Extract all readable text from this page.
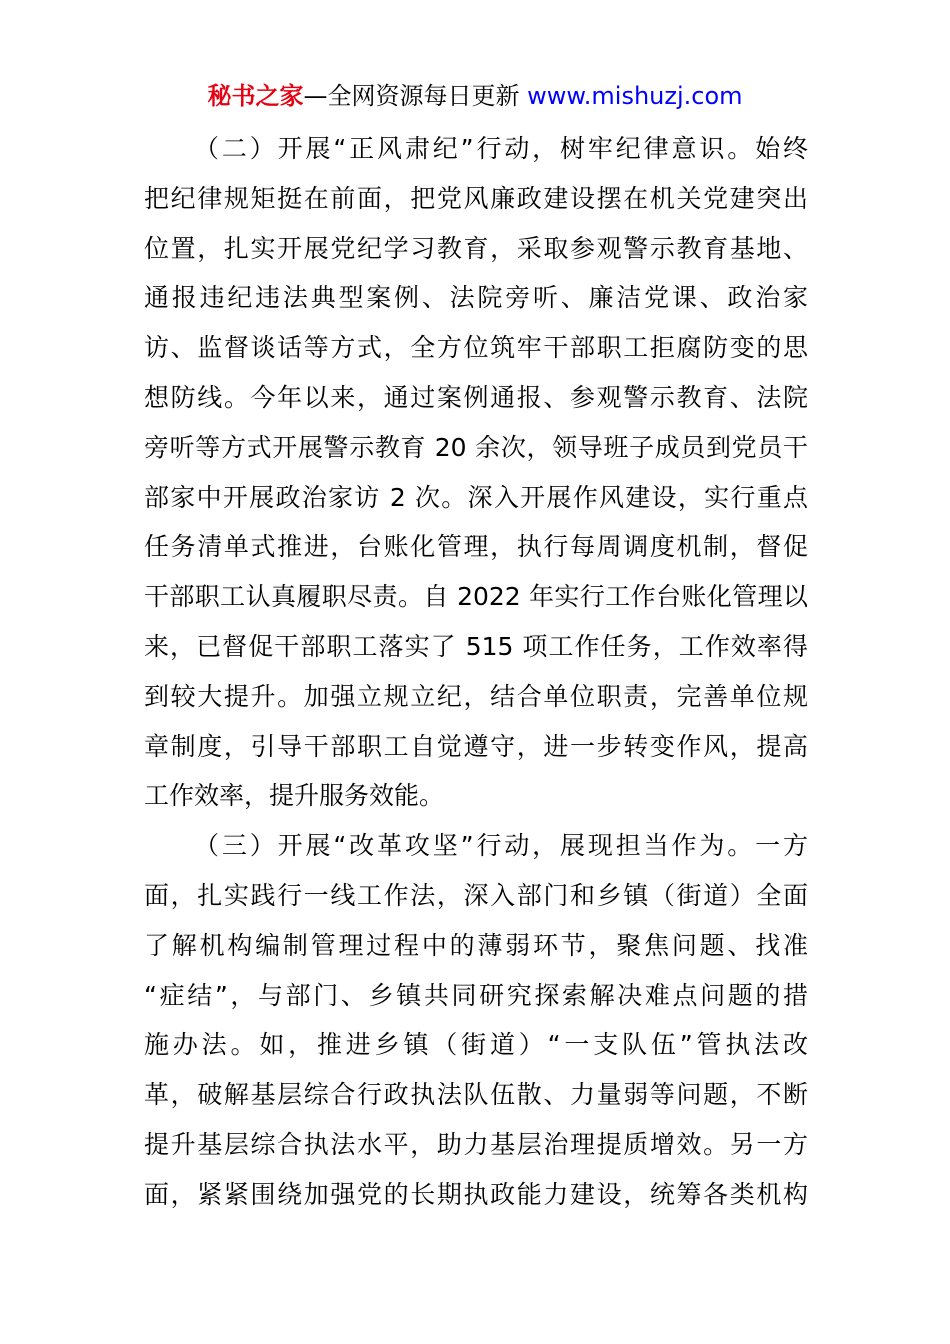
秘书之家—全网资源每日更新 www.mishuzj.com
（二）开展“正风肃纪”行动，树牢纪律意识。始终
把纪律规矩挺在前面，把党风廉政建设摆在机关党建突出
位置，扎实开展党纪学习教育，采取参观警示教育基地、
通报违纪违法典型案例、法院旁听、廉洁党课、政治家
访、监督谈话等方式，全方位筑牢干部职工拒腐防变的思
想防线。今年以来，通过案例通报、参观警示教育、法院
旁听等方式开展警示教育 20 余次，领导班子成员到党员干
部家中开展政治家访 2 次。深入开展作风建设，实行重点
任务清单式推进，台账化管理，执行每周调度机制，督促
干部职工认真履职尽责。自 2022 年实行工作台账化管理以
来，已督促干部职工落实了 515 项工作任务，工作效率得
到较大提升。加强立规立纪，结合单位职责，完善单位规
章制度，引导干部职工自觉遵守，进一步转变作风，提高
工作效率，提升服务效能。
（三）开展“改革攻坚”行动，展现担当作为。一方
面，扎实践行一线工作法，深入部门和乡镇（街道）全面
了解机构编制管理过程中的薄弱环节，聚焦问题、找准
“症结”，与部门、乡镇共同研究探索解决难点问题的措
施办法。如，推进乡镇（街道）“一支队伍”管执法改
革，破解基层综合行政执法队伍散、力量弱等问题，不断
提升基层综合执法水平，助力基层治理提质增效。另一方
面，紧紧围绕加强党的长期执政能力建设，统筹各类机构
